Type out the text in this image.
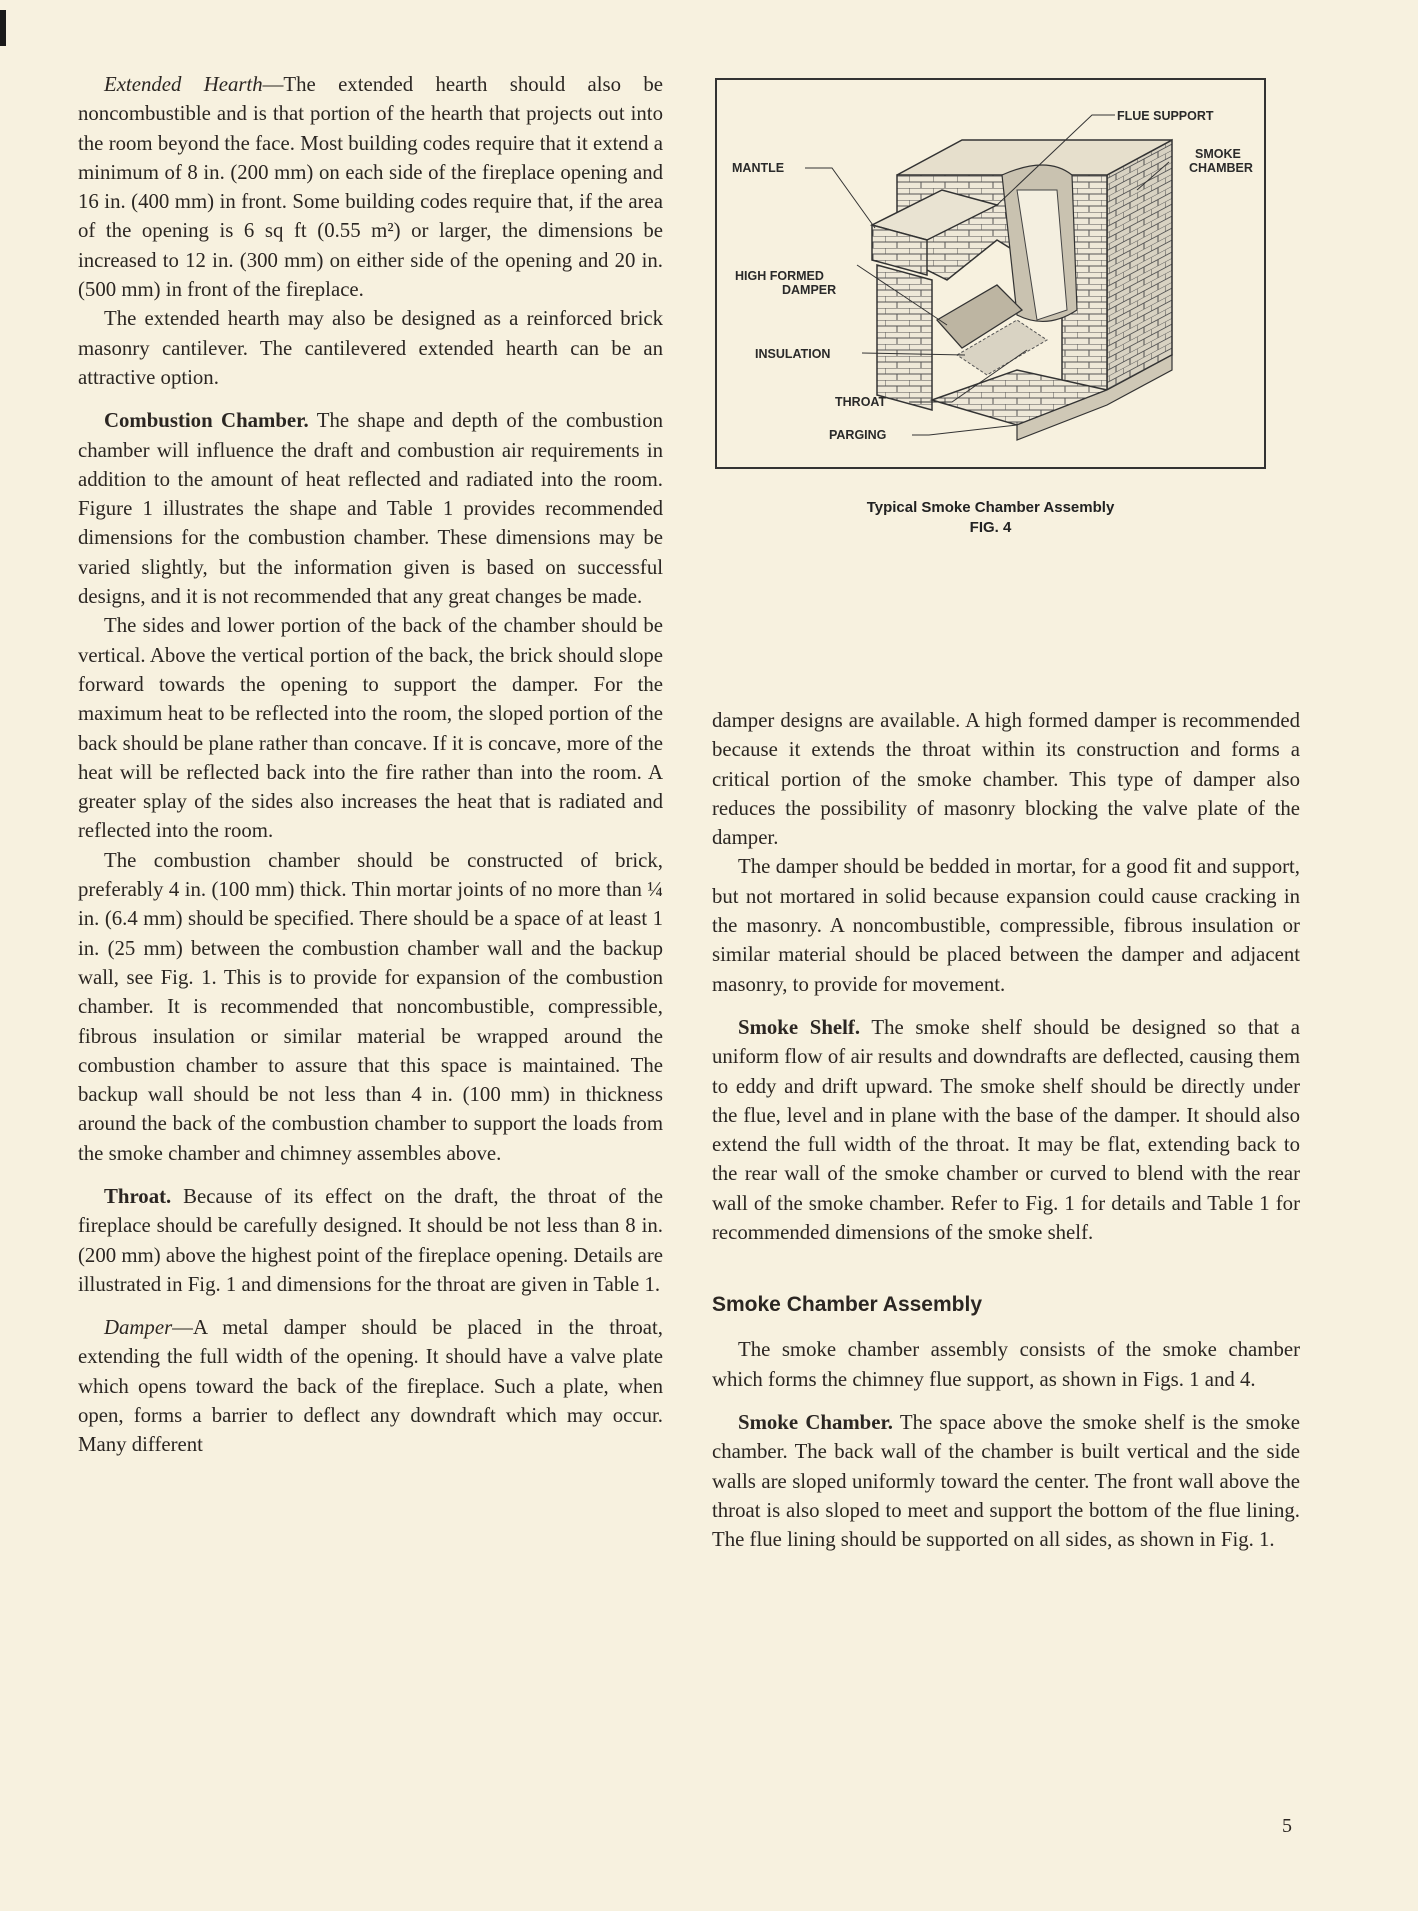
Extended Hearth—The extended hearth should also be noncombustible and is that portion of the hearth that projects out into the room beyond the face. Most building codes require that it extend a minimum of 8 in. (200 mm) on each side of the fireplace opening and 16 in. (400 mm) in front. Some building codes require that, if the area of the opening is 6 sq ft (0.55 m²) or larger, the dimensions be increased to 12 in. (300 mm) on either side of the opening and 20 in. (500 mm) in front of the fireplace.

The extended hearth may also be designed as a reinforced brick masonry cantilever. The cantilevered extended hearth can be an attractive option.

Combustion Chamber. The shape and depth of the combustion chamber will influence the draft and combustion air requirements in addition to the amount of heat reflected and radiated into the room. Figure 1 illustrates the shape and Table 1 provides recommended dimensions for the combustion chamber. These dimensions may be varied slightly, but the information given is based on successful designs, and it is not recommended that any great changes be made.

The sides and lower portion of the back of the chamber should be vertical. Above the vertical portion of the back, the brick should slope forward towards the opening to support the damper. For the maximum heat to be reflected into the room, the sloped portion of the back should be plane rather than concave. If it is concave, more of the heat will be reflected back into the fire rather than into the room. A greater splay of the sides also increases the heat that is radiated and reflected into the room.

The combustion chamber should be constructed of brick, preferably 4 in. (100 mm) thick. Thin mortar joints of no more than ¼ in. (6.4 mm) should be specified. There should be a space of at least 1 in. (25 mm) between the combustion chamber wall and the backup wall, see Fig. 1. This is to provide for expansion of the combustion chamber. It is recommended that noncombustible, compressible, fibrous insulation or similar material be wrapped around the combustion chamber to assure that this space is maintained. The backup wall should be not less than 4 in. (100 mm) in thickness around the back of the combustion chamber to support the loads from the smoke chamber and chimney assembles above.

Throat. Because of its effect on the draft, the throat of the fireplace should be carefully designed. It should be not less than 8 in. (200 mm) above the highest point of the fireplace opening. Details are illustrated in Fig. 1 and dimensions for the throat are given in Table 1.

Damper—A metal damper should be placed in the throat, extending the full width of the opening. It should have a valve plate which opens toward the back of the fireplace. Such a plate, when open, forms a barrier to deflect any downdraft which may occur. Many different

FLUE SUPPORT
MANTLE
SMOKE
CHAMBER
HIGH FORMED
DAMPER
INSULATION
THROAT
PARGING
Typical Smoke Chamber Assembly
FIG. 4

damper designs are available. A high formed damper is recommended because it extends the throat within its construction and forms a critical portion of the smoke chamber. This type of damper also reduces the possibility of masonry blocking the valve plate of the damper.

The damper should be bedded in mortar, for a good fit and support, but not mortared in solid because expansion could cause cracking in the masonry. A noncombustible, compressible, fibrous insulation or similar material should be placed between the damper and adjacent masonry, to provide for movement.

Smoke Shelf. The smoke shelf should be designed so that a uniform flow of air results and downdrafts are deflected, causing them to eddy and drift upward. The smoke shelf should be directly under the flue, level and in plane with the base of the damper. It should also extend the full width of the throat. It may be flat, extending back to the rear wall of the smoke chamber or curved to blend with the rear wall of the smoke chamber. Refer to Fig. 1 for details and Table 1 for recommended dimensions of the smoke shelf.

Smoke Chamber Assembly

The smoke chamber assembly consists of the smoke chamber which forms the chimney flue support, as shown in Figs. 1 and 4.

Smoke Chamber. The space above the smoke shelf is the smoke chamber. The back wall of the chamber is built vertical and the side walls are sloped uniformly toward the center. The front wall above the throat is also sloped to meet and support the bottom of the flue lining. The flue lining should be supported on all sides, as shown in Fig. 1.

5
